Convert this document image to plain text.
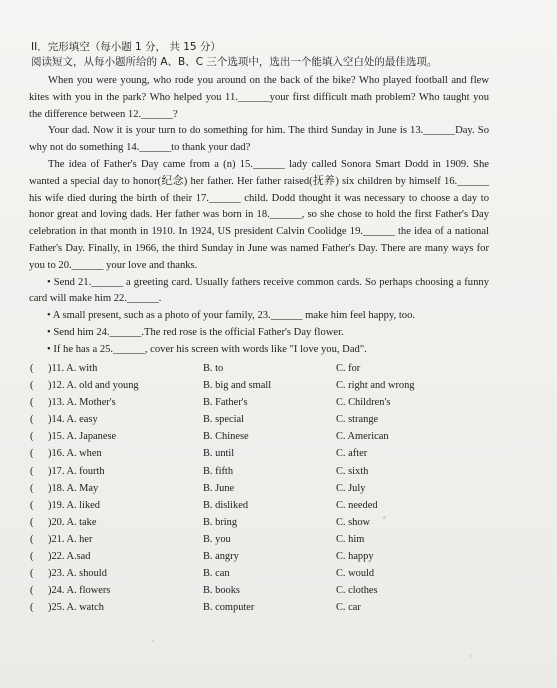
II．完形填空（每小题 1 分， 共 15 分）
阅读短文，从每小题所给的 A、B、C 三个选项中，选出一个能填入空白处的最佳选项。

When you were young, who rode you around on the back of the bike? Who played football and flew kites with you in the park? Who helped you 11.______your first difficult math problem? Who taught you the difference between 12.______?

Your dad. Now it is your turn to do something for him. The third Sunday in June is 13.______Day. So why not do something 14.______to thank your dad?

The idea of Father's Day came from a (n) 15.______ lady called Sonora Smart Dodd in 1909. She wanted a special day to honor(纪念) her father. Her father raised(抚养) six children by himself 16.______ his wife died during the birth of their 17.______ child. Dodd thought it was necessary to choose a day to honor great and loving dads. Her father was born in 18.______, so she chose to hold the first Father's Day celebration in that month in 1910. In 1924, US president Calvin Coolidge 19.______ the idea of a national Father's Day. Finally, in 1966, the third Sunday in June was named Father's Day. There are many ways for you to 20.______ your love and thanks.

• Send 21.______ a greeting card. Usually fathers receive common cards. So perhaps choosing a funny card will make him 22.______.

• A small present, such as a photo of your family, 23.______ make him feel happy, too.

• Send him 24.______.The red rose is the official Father's Day flower.

• If he has a 25.______, cover his screen with words like "I love you, Dad".

( )11. A. with	B. to	C. for
( )12. A. old and young	B. big and small	C. right and wrong
( )13. A. Mother's	B. Father's	C. Children's
( )14. A. easy	B. special	C. strange
( )15. A. Japanese	B. Chinese	C. American
( )16. A. when	B. until	C. after
( )17. A. fourth	B. fifth	C. sixth
( )18. A. May	B. June	C. July
( )19. A. liked	B. disliked	C. needed
( )20. A. take	B. bring	C. show
( )21. A. her	B. you	C. him
( )22. A.sad	B. angry	C. happy
( )23. A. should	B. can	C. would
( )24. A. flowers	B. books	C. clothes
( )25. A. watch	B. computer	C. car
